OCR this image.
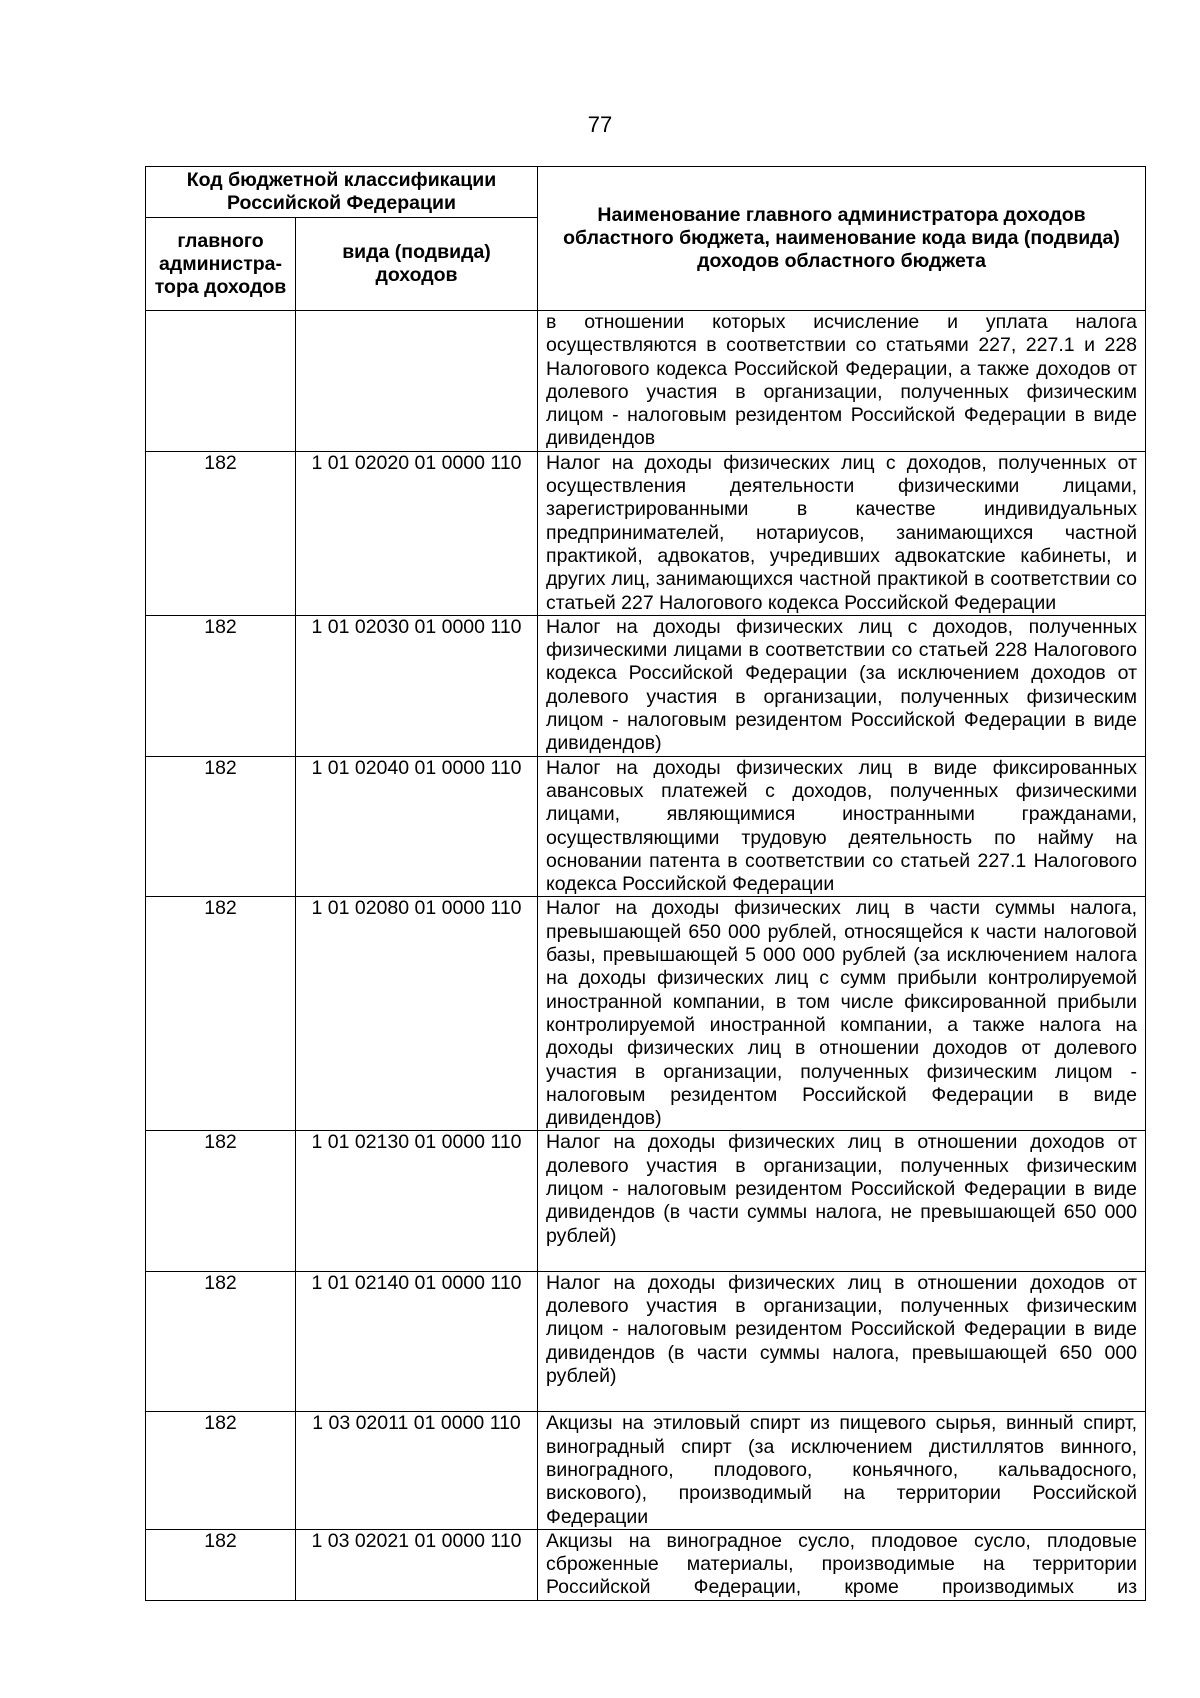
77
Код бюджетной классификации Российской Федерации		Наименование главного администратора доходов областного бюджета, наименование кода вида (подвида) доходов областного бюджета
главного администра-тора доходов	вида (подвида) доходов	
		в отношении которых исчисление и уплата налога осуществляются в соответствии со статьями 227, 227.1 и 228 Налогового кодекса Российской Федерации, а также доходов от долевого участия в организации, полученных физическим лицом - налоговым резидентом Российской Федерации в виде дивидендов
182	1 01 02020 01 0000 110	Налог на доходы физических лиц с доходов, полученных от осуществления деятельности физическими лицами, зарегистрированными в качестве индивидуальных предпринимателей, нотариусов, занимающихся частной практикой, адвокатов, учредивших адвокатские кабинеты, и других лиц, занимающихся частной практикой в соответствии со статьей 227 Налогового кодекса Российской Федерации
182	1 01 02030 01 0000 110	Налог на доходы физических лиц с доходов, полученных физическими лицами в соответствии со статьей 228 Налогового кодекса Российской Федерации (за исключением доходов от долевого участия в организации, полученных физическим лицом - налоговым резидентом Российской Федерации в виде дивидендов)
182	1 01 02040 01 0000 110	Налог на доходы физических лиц в виде фиксированных авансовых платежей с доходов, полученных физическими лицами, являющимися иностранными гражданами, осуществляющими трудовую деятельность по найму на основании патента в соответствии со статьей 227.1 Налогового кодекса Российской Федерации
182	1 01 02080 01 0000 110	Налог на доходы физических лиц в части суммы налога, превышающей 650 000 рублей, относящейся к части налоговой базы, превышающей 5 000 000 рублей (за исключением налога на доходы физических лиц с сумм прибыли контролируемой иностранной компании, в том числе фиксированной прибыли контролируемой иностранной компании, а также налога на доходы физических лиц в отношении доходов от долевого участия в организации, полученных физическим лицом - налоговым резидентом Российской Федерации в виде дивидендов)
182	1 01 02130 01 0000 110	Налог на доходы физических лиц в отношении доходов от долевого участия в организации, полученных физическим лицом - налоговым резидентом Российской Федерации в виде дивидендов (в части суммы налога, не превышающей 650 000 рублей)
182	1 01 02140 01 0000 110	Налог на доходы физических лиц в отношении доходов от долевого участия в организации, полученных физическим лицом - налоговым резидентом Российской Федерации в виде дивидендов (в части суммы налога, превышающей 650 000 рублей)
182	1 03 02011 01 0000 110	Акцизы на этиловый спирт из пищевого сырья, винный спирт, виноградный спирт (за исключением дистиллятов винного, виноградного, плодового, коньячного, кальвадосного, вискового), производимый на территории Российской Федерации
182	1 03 02021 01 0000 110	Акцизы на виноградное сусло, плодовое сусло, плодовые сброженные материалы, производимые на территории Российской Федерации, кроме производимых из
